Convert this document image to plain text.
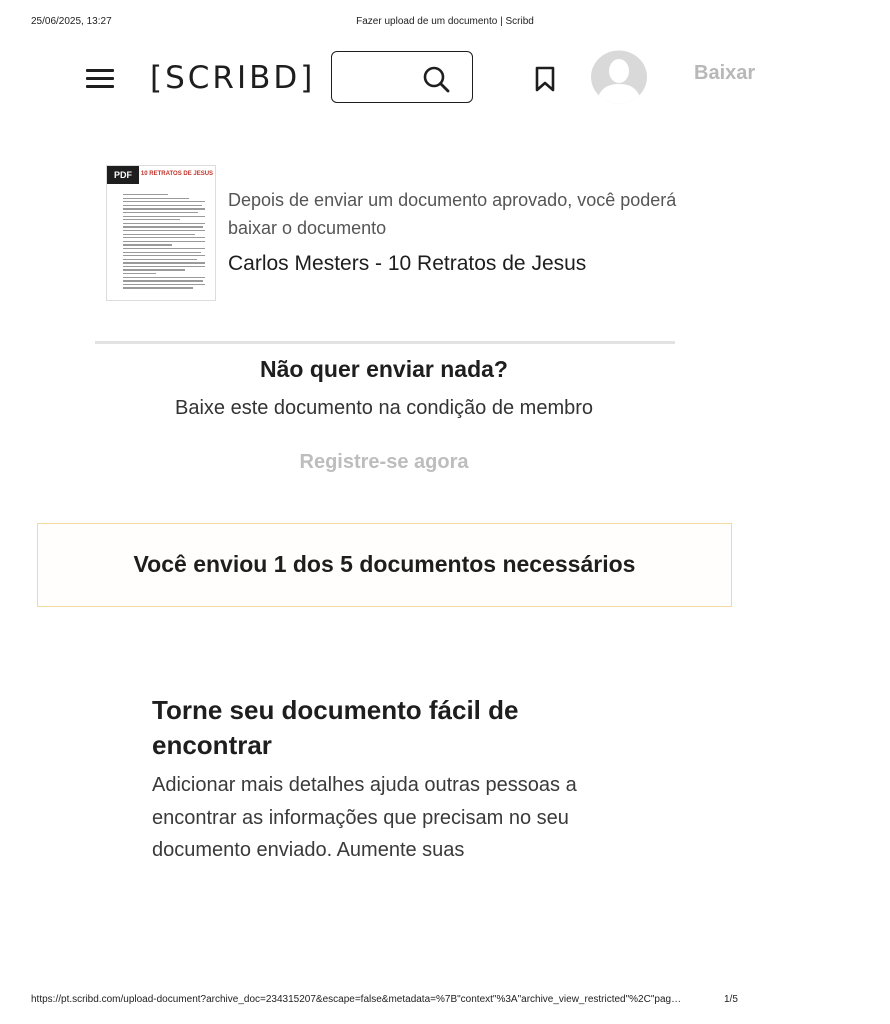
25/06/2025, 13:27	Fazer upload de um documento | Scribd
[SCRIBD]	Baixar
PDF	10 RETRATOS DE JESUS
Depois de enviar um documento aprovado, você poderá baixar o documento
Carlos Mesters - 10 Retratos de Jesus
Não quer enviar nada?
Baixe este documento na condição de membro
Registre-se agora
Você enviou 1 dos 5 documentos necessários
Torne seu documento fácil de encontrar
Adicionar mais detalhes ajuda outras pessoas a encontrar as informações que precisam no seu documento enviado. Aumente suas
https://pt.scribd.com/upload-document?archive_doc=234315207&escape=false&metadata=%7B"context"%3A"archive_view_restricted"%2C"pag…	1/5
